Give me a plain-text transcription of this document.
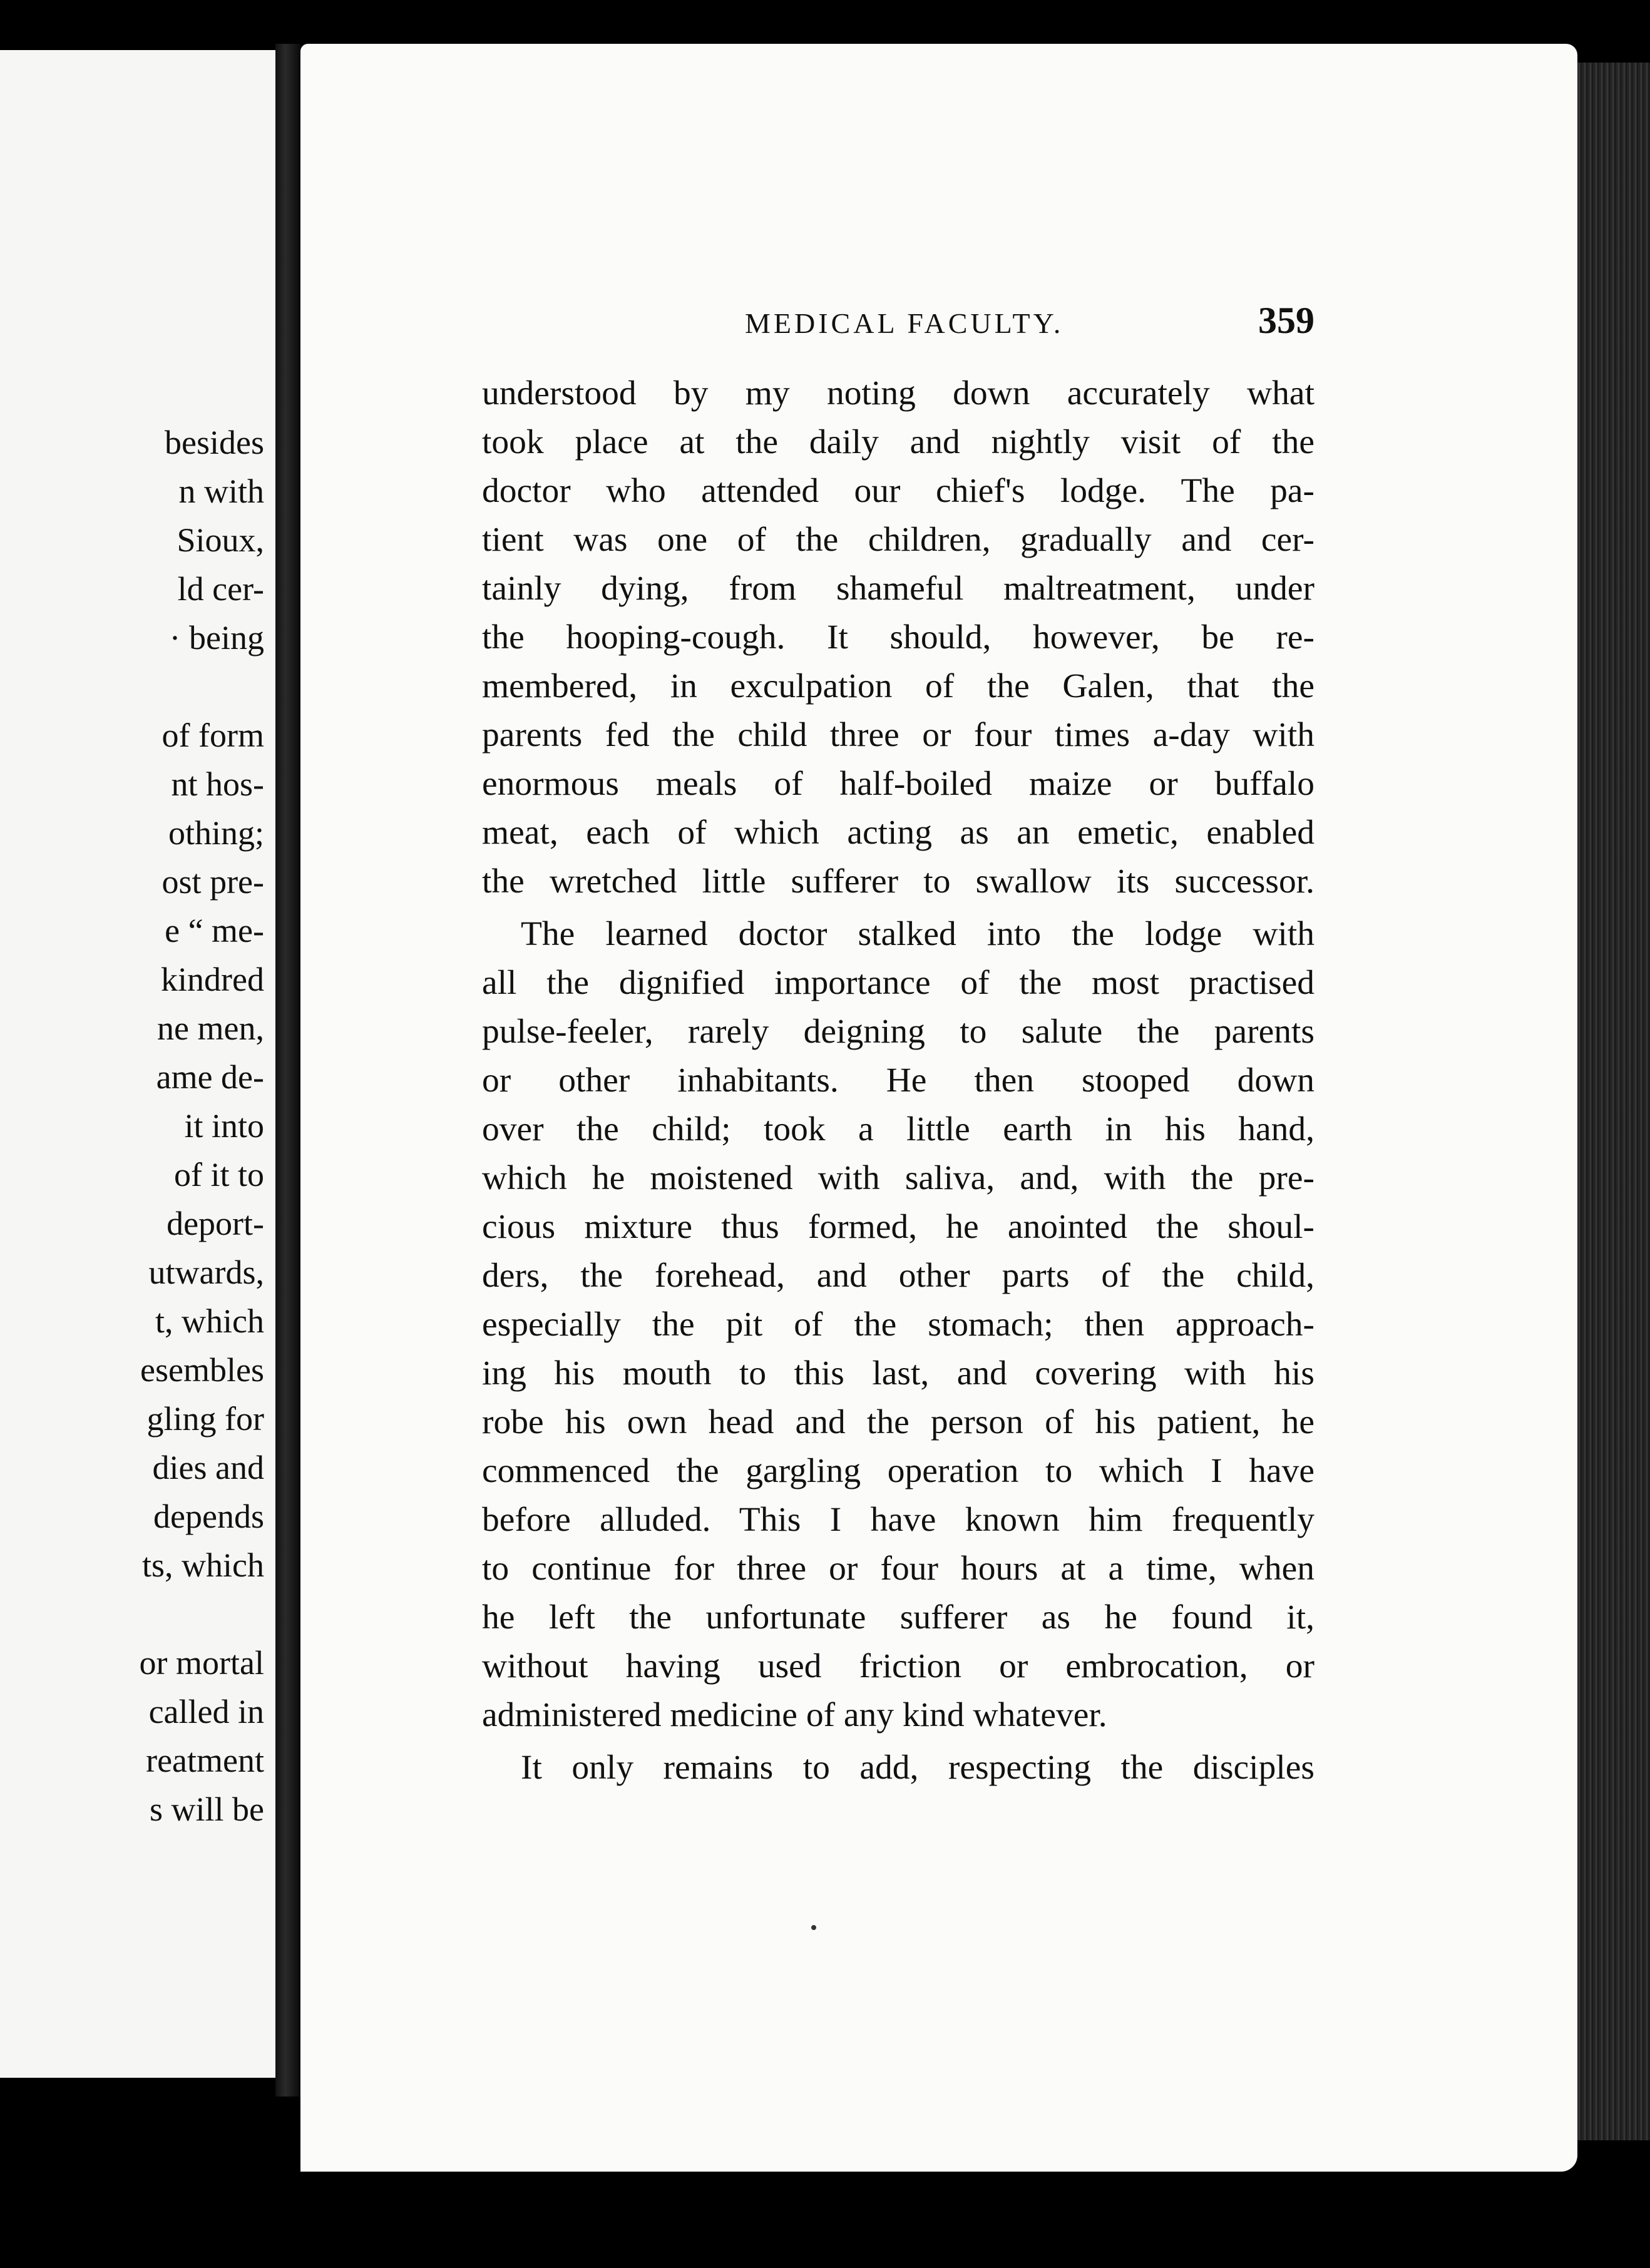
besides
n with
Sioux,
ld cer-
· being
of form
nt hos-
othing;
ost pre-
e “ me-
kindred
ne men,
ame de-
it into
of it to
deport-
utwards,
t, which
esembles
gling for
dies and
depends
ts, which
or mortal
called in
reatment
s will be
MEDICAL FACULTY.	359
understood by my noting down accurately what
took place at the daily and nightly visit of the
doctor who attended our chief's lodge. The pa-
tient was one of the children, gradually and cer-
tainly dying, from shameful maltreatment, under
the hooping-cough. It should, however, be re-
membered, in exculpation of the Galen, that the
parents fed the child three or four times a-day with
enormous meals of half-boiled maize or buffalo
meat, each of which acting as an emetic, enabled
the wretched little sufferer to swallow its successor.
The learned doctor stalked into the lodge with
all the dignified importance of the most practised
pulse-feeler, rarely deigning to salute the parents
or other inhabitants. He then stooped down
over the child; took a little earth in his hand,
which he moistened with saliva, and, with the pre-
cious mixture thus formed, he anointed the shoul-
ders, the forehead, and other parts of the child,
especially the pit of the stomach; then approach-
ing his mouth to this last, and covering with his
robe his own head and the person of his patient, he
commenced the gargling operation to which I have
before alluded. This I have known him frequently
to continue for three or four hours at a time, when
he left the unfortunate sufferer as he found it,
without having used friction or embrocation, or
administered medicine of any kind whatever.
It only remains to add, respecting the disciples
